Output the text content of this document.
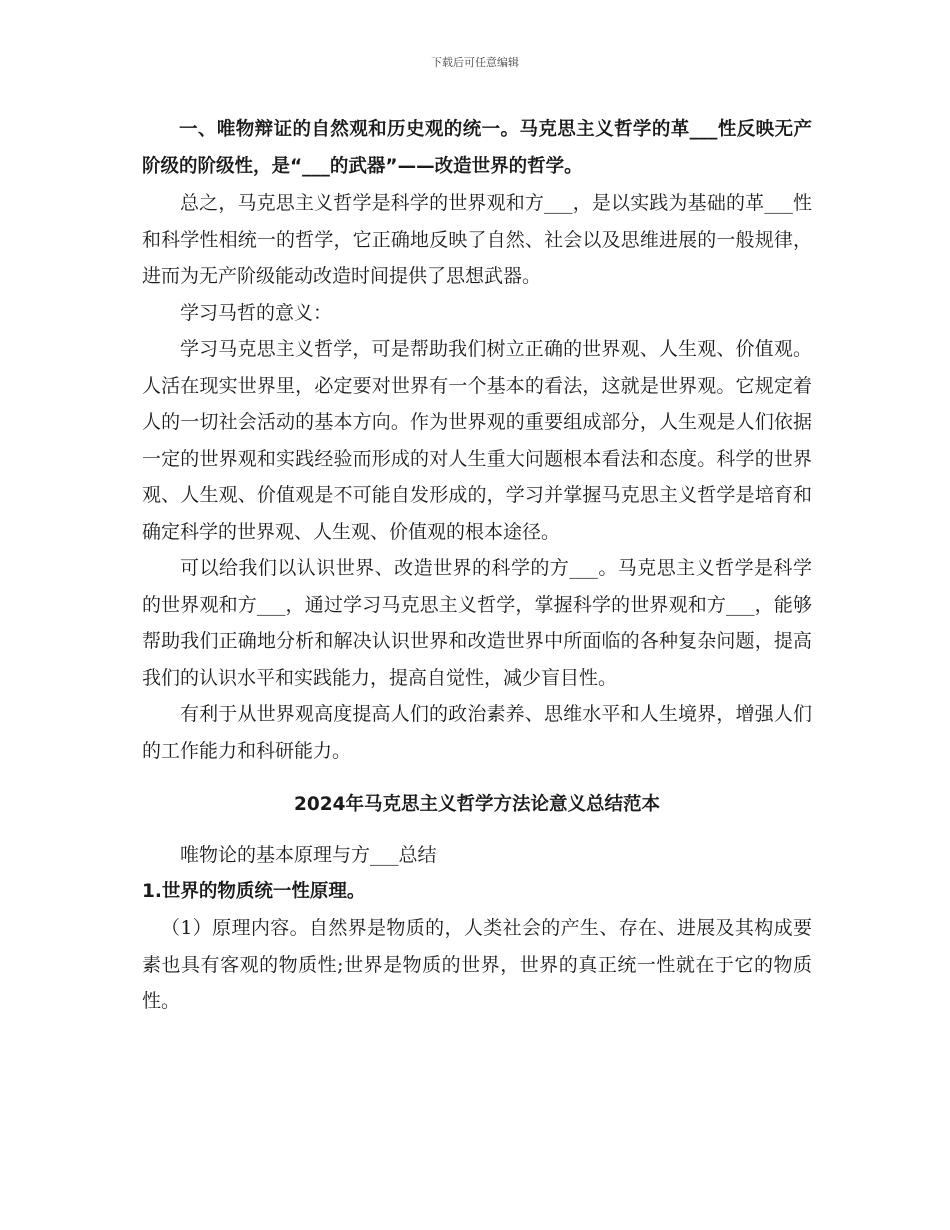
下载后可任意编辑

一、唯物辩证的自然观和历史观的统一。马克思主义哲学的革___性反映无产阶级的阶级性，是“___的武器”——改造世界的哲学。

总之，马克思主义哲学是科学的世界观和方___，是以实践为基础的革___性和科学性相统一的哲学，它正确地反映了自然、社会以及思维进展的一般规律，进而为无产阶级能动改造时间提供了思想武器。

学习马哲的意义：

学习马克思主义哲学，可是帮助我们树立正确的世界观、人生观、价值观。人活在现实世界里，必定要对世界有一个基本的看法，这就是世界观。它规定着人的一切社会活动的基本方向。作为世界观的重要组成部分，人生观是人们依据一定的世界观和实践经验而形成的对人生重大问题根本看法和态度。科学的世界观、人生观、价值观是不可能自发形成的，学习并掌握马克思主义哲学是培育和确定科学的世界观、人生观、价值观的根本途径。

可以给我们以认识世界、改造世界的科学的方___。马克思主义哲学是科学的世界观和方___，通过学习马克思主义哲学，掌握科学的世界观和方___，能够帮助我们正确地分析和解决认识世界和改造世界中所面临的各种复杂问题，提高我们的认识水平和实践能力，提高自觉性，减少盲目性。

有利于从世界观高度提高人们的政治素养、思维水平和人生境界，增强人们的工作能力和科研能力。

2024年马克思主义哲学方法论意义总结范本

唯物论的基本原理与方___总结

1.世界的物质统一性原理。

（1）原理内容。自然界是物质的，人类社会的产生、存在、进展及其构成要素也具有客观的物质性;世界是物质的世界，世界的真正统一性就在于它的物质性。
